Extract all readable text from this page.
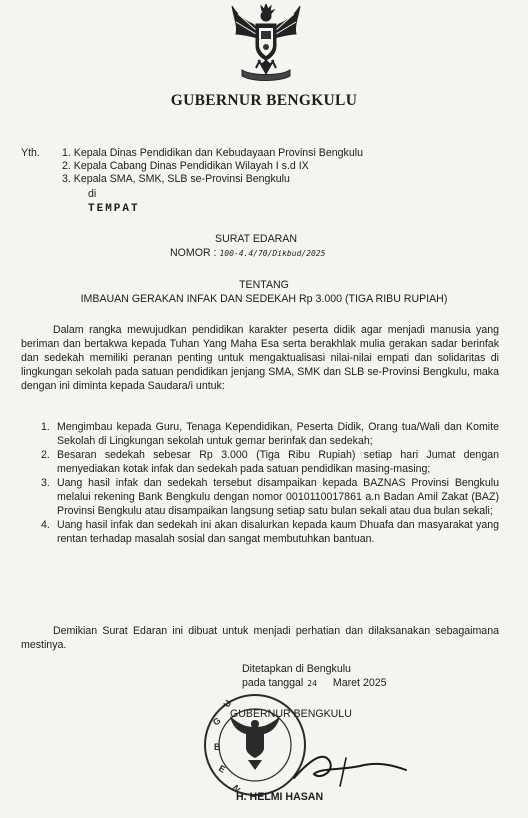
GUBERNUR BENGKULU
Yth. 1. Kepala Dinas Pendidikan dan Kebudayaan Provinsi Bengkulu
2. Kepala Cabang Dinas Pendidikan Wilayah I s.d IX
3. Kepala SMA, SMK, SLB se-Provinsi Bengkulu
di
TEMPAT
SURAT EDARAN
NOMOR : 100-4.4/70/Dikbud/2025
TENTANG
IMBAUAN GERAKAN INFAK DAN SEDEKAH Rp 3.000 (TIGA RIBU RUPIAH)
Dalam rangka mewujudkan pendidikan karakter peserta didik agar menjadi manusia yang beriman dan bertakwa kepada Tuhan Yang Maha Esa serta berakhlak mulia gerakan sadar berinfak dan sedekah memiliki peranan penting untuk mengaktualisasi nilai-nilai empati dan solidaritas di lingkungan sekolah pada satuan pendidikan jenjang SMA, SMK dan SLB se-Provinsi Bengkulu, maka dengan ini diminta kepada Saudara/i untuk:
1. Mengimbau kepada Guru, Tenaga Kependidikan, Peserta Didik, Orang tua/Wali dan Komite Sekolah di Lingkungan sekolah untuk gemar berinfak dan sedekah;
2. Besaran sedekah sebesar Rp 3.000 (Tiga Ribu Rupiah) setiap hari Jumat dengan menyediakan kotak infak dan sedekah pada satuan pendidikan masing-masing;
3. Uang hasil infak dan sedekah tersebut disampaikan kepada BAZNAS Provinsi Bengkulu melalui rekening Bank Bengkulu dengan nomor 0010110017861 a.n Badan Amil Zakat (BAZ) Provinsi Bengkulu atau disampaikan langsung setiap satu bulan sekali atau dua bulan sekali;
4. Uang hasil infak dan sedekah ini akan disalurkan kepada kaum Dhuafa dan masyarakat yang rentan terhadap masalah sosial dan sangat membutuhkan bantuan.
Demikian Surat Edaran ini dibuat untuk menjadi perhatian dan dilaksanakan sebagaimana mestinya.
Ditetapkan di Bengkulu
pada tanggal 24 Maret 2025
G
B
E
N
U
GUBERNUR BENGKULU
H. HELMI HASAN
